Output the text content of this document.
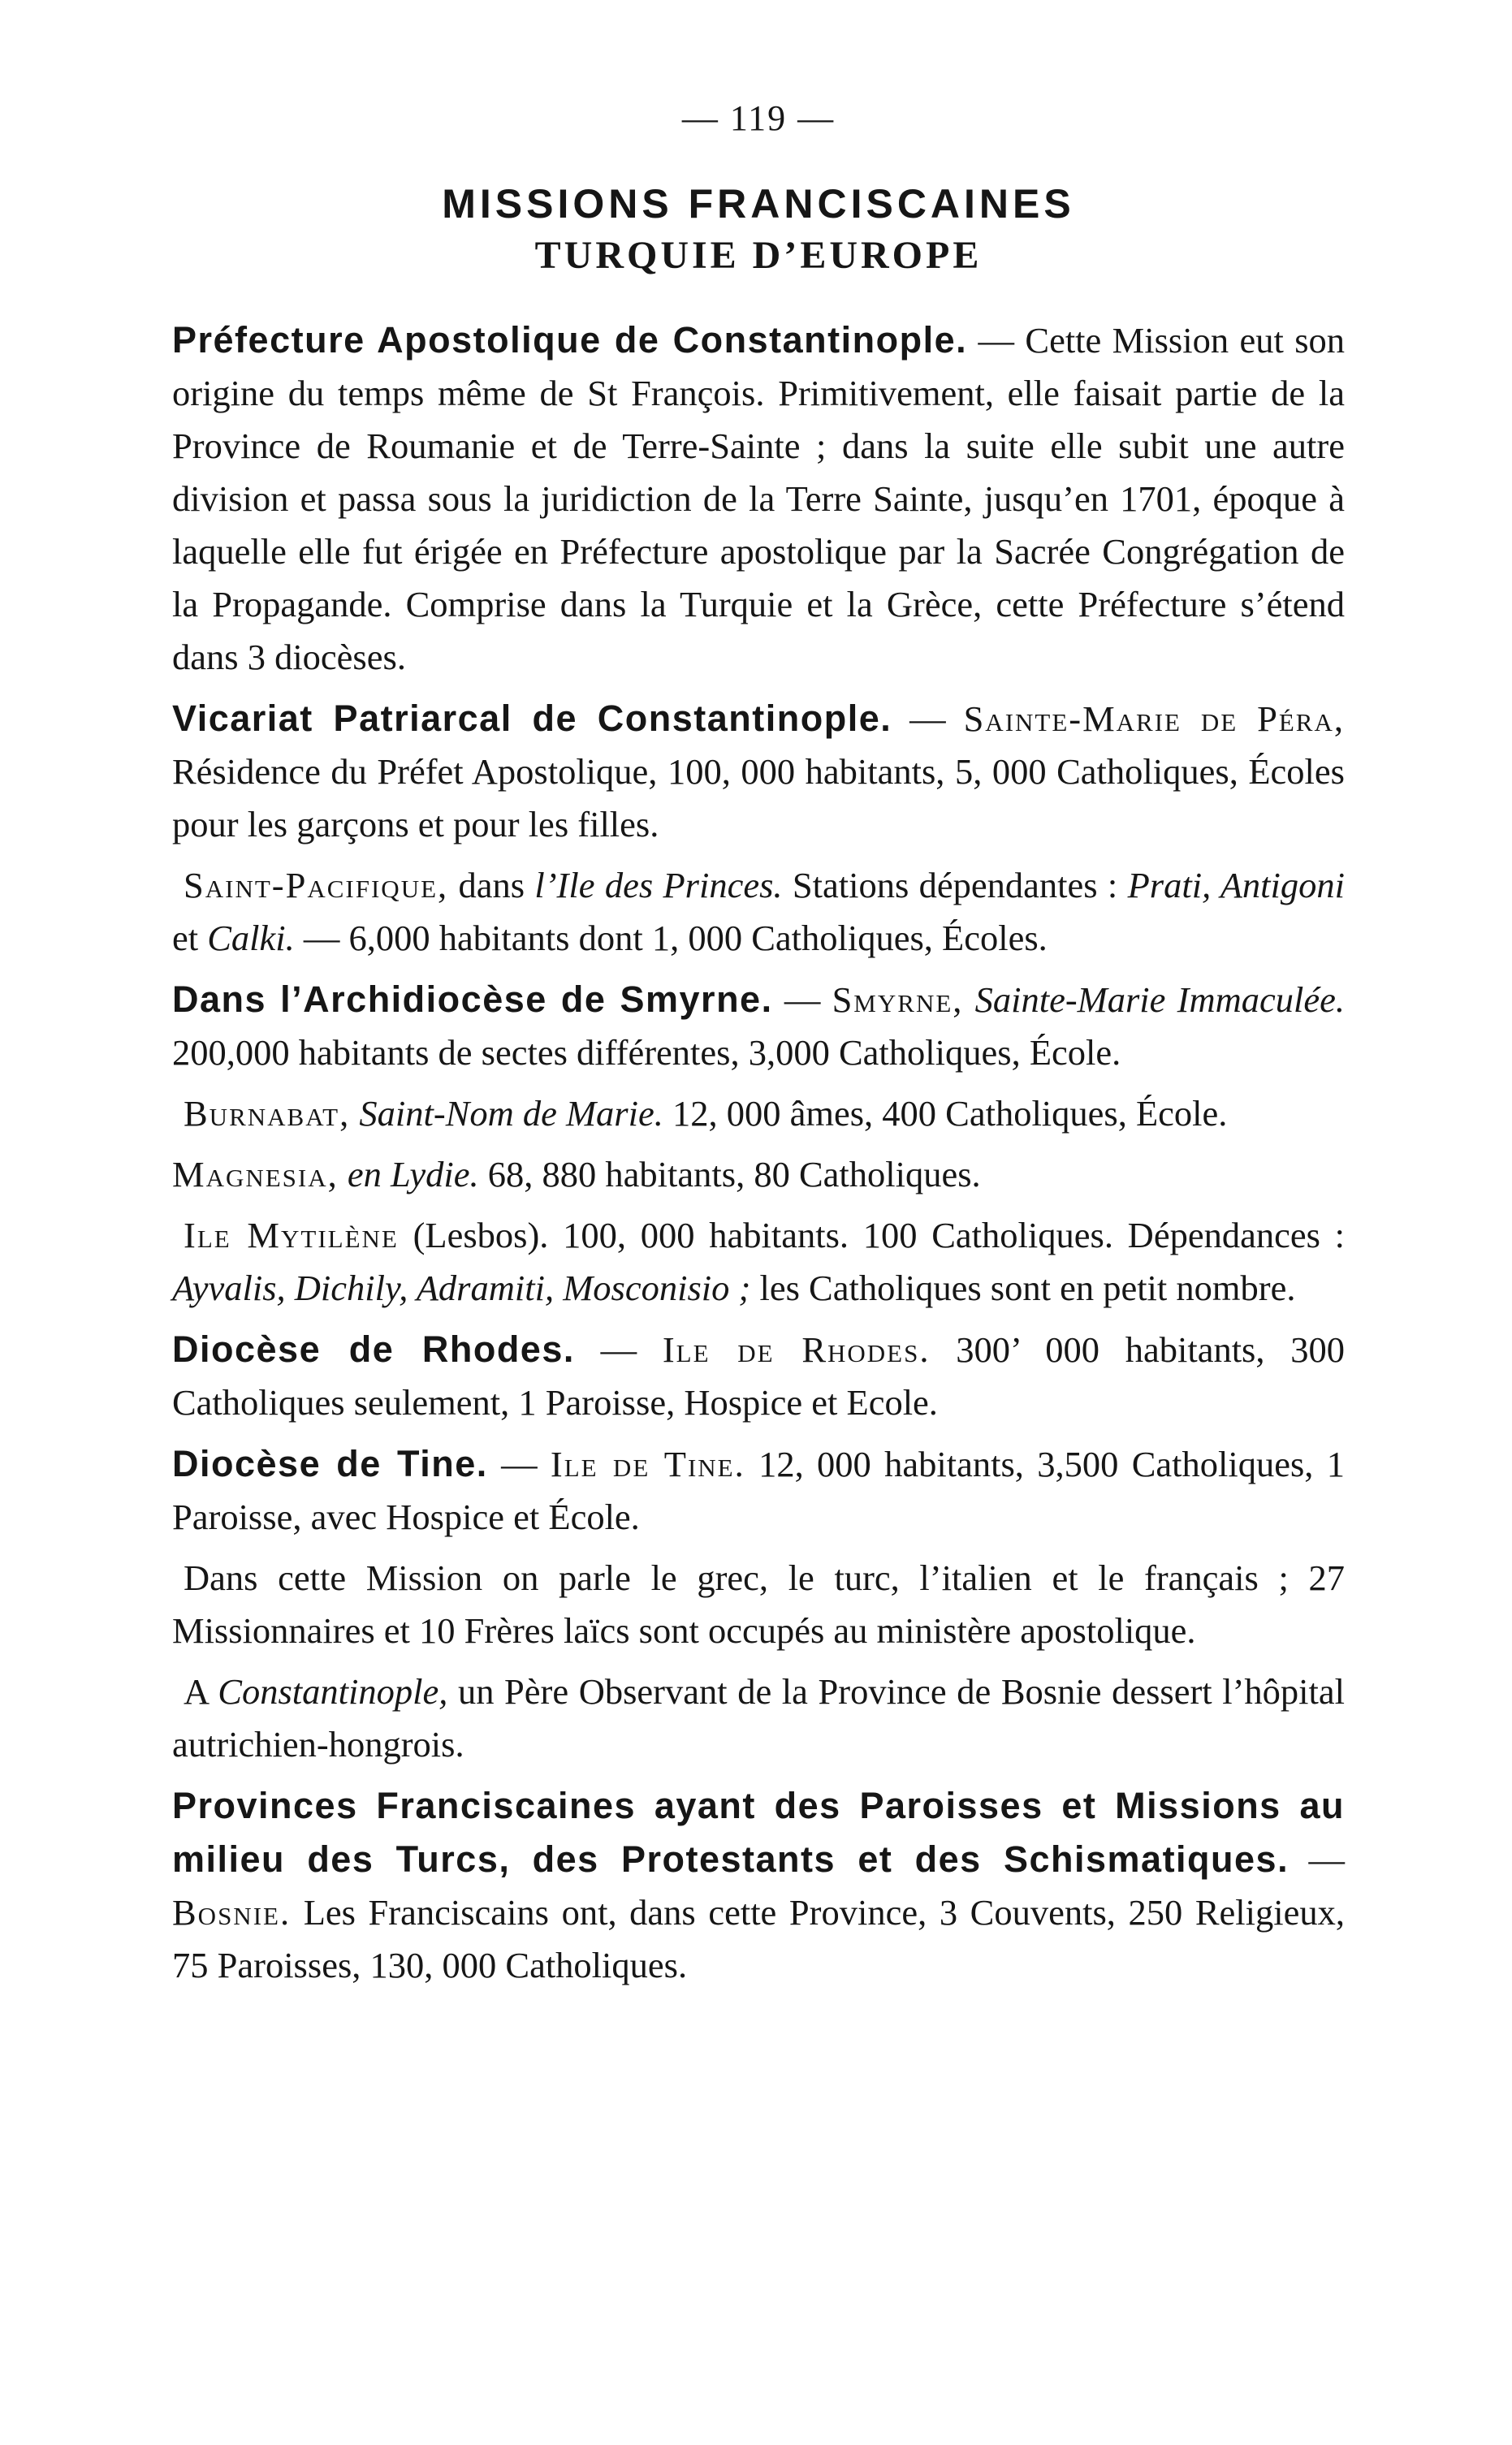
— 119 —
MISSIONS FRANCISCAINES
TURQUIE D’EUROPE

Préfecture Apostolique de Constantinople. — Cette Mission eut son origine du temps même de St François. Primitivement, elle faisait partie de la Province de Roumanie et de Terre-Sainte ; dans la suite elle subit une autre division et passa sous la juridiction de la Terre Sainte, jusqu’en 1701, époque à laquelle elle fut érigée en Préfecture apostolique par la Sacrée Congrégation de la Propagande. Comprise dans la Turquie et la Grèce, cette Préfecture s’étend dans 3 diocèses.

Vicariat Patriarcal de Constantinople. — Sainte-Marie de Péra, Résidence du Préfet Apostolique, 100, 000 habitants, 5, 000 Catholiques, Écoles pour les garçons et pour les filles.

Saint-Pacifique, dans l’Ile des Princes. Stations dépendantes : Prati, Antigoni et Calki. — 6,000 habitants dont 1, 000 Catholiques, Écoles.

Dans l’Archidiocèse de Smyrne. — Smyrne, Sainte-Marie Immaculée. 200,000 habitants de sectes différentes, 3,000 Catholiques, École.

Burnabat, Saint-Nom de Marie. 12, 000 âmes, 400 Catholiques, École.

Magnesia, en Lydie. 68, 880 habitants, 80 Catholiques.

Ile Mytilène (Lesbos). 100, 000 habitants. 100 Catholiques. Dépendances : Ayvalis, Dichily, Adramiti, Mosconisio ; les Catholiques sont en petit nombre.

Diocèse de Rhodes. — Ile de Rhodes. 300’ 000 habitants, 300 Catholiques seulement, 1 Paroisse, Hospice et Ecole.

Diocèse de Tine. — Ile de Tine. 12, 000 habitants, 3,500 Catholiques, 1 Paroisse, avec Hospice et École.

Dans cette Mission on parle le grec, le turc, l’italien et le français ; 27 Missionnaires et 10 Frères laïcs sont occupés au ministère apostolique.

A Constantinople, un Père Observant de la Province de Bosnie dessert l’hôpital autrichien-hongrois.

Provinces Franciscaines ayant des Paroisses et Missions au milieu des Turcs, des Protestants et des Schismatiques. — Bosnie. Les Franciscains ont, dans cette Province, 3 Couvents, 250 Religieux, 75 Paroisses, 130, 000 Catholiques.
